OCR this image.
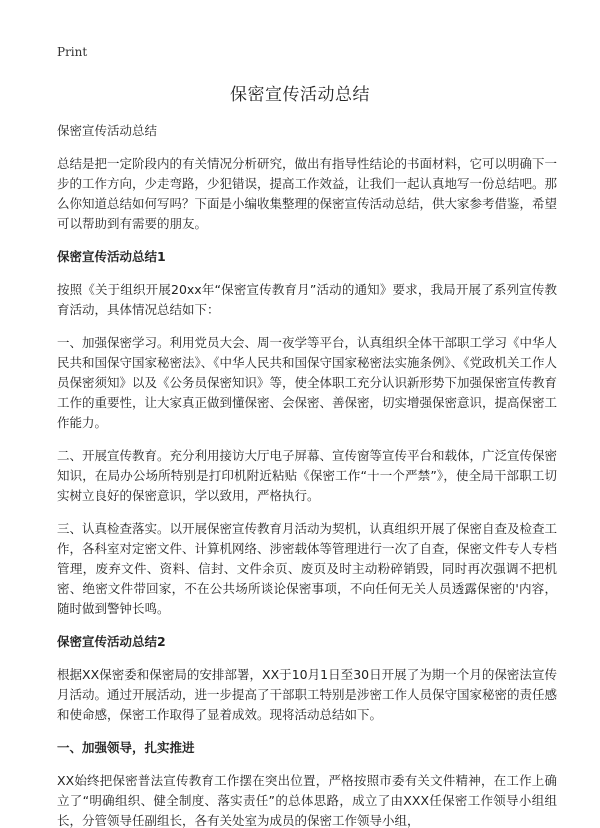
Print
保密宣传活动总结

保密宣传活动总结

总结是把一定阶段内的有关情况分析研究，做出有指导性结论的书面材料，它可以明确下一步的工作方向，少走弯路，少犯错误，提高工作效益，让我们一起认真地写一份总结吧。那么你知道总结如何写吗？下面是小编收集整理的保密宣传活动总结，供大家参考借鉴，希望可以帮助到有需要的朋友。

保密宣传活动总结1

按照《关于组织开展20xx年“保密宣传教育月”活动的通知》要求，我局开展了系列宣传教育活动，具体情况总结如下：

一、加强保密学习。利用党员大会、周一夜学等平台，认真组织全体干部职工学习《中华人民共和国保守国家秘密法》、《中华人民共和国保守国家秘密法实施条例》、《党政机关工作人员保密须知》以及《公务员保密知识》等，使全体职工充分认识新形势下加强保密宣传教育工作的重要性，让大家真正做到懂保密、会保密、善保密，切实增强保密意识，提高保密工作能力。

二、开展宣传教育。充分利用接访大厅电子屏幕、宣传窗等宣传平台和载体，广泛宣传保密知识，在局办公场所特别是打印机附近粘贴《保密工作“十一个严禁”》，使全局干部职工切实树立良好的保密意识，学以致用，严格执行。

三、认真检查落实。以开展保密宣传教育月活动为契机，认真组织开展了保密自查及检查工作，各科室对定密文件、计算机网络、涉密载体等管理进行一次了自查，保密文件专人专档管理，废弃文件、资料、信封、文件余页、废页及时主动粉碎销毁，同时再次强调不把机密、绝密文件带回家，不在公共场所谈论保密事项，不向任何无关人员透露保密的'内容，随时做到警钟长鸣。

保密宣传活动总结2

根据XX保密委和保密局的安排部署，XX于10月1日至30日开展了为期一个月的保密法宣传月活动。通过开展活动，进一步提高了干部职工特别是涉密工作人员保守国家秘密的责任感和使命感，保密工作取得了显着成效。现将活动总结如下。

一、加强领导，扎实推进

XX始终把保密普法宣传教育工作摆在突出位置，严格按照市委有关文件精神，在工作上确立了“明确组织、健全制度、落实责任”的总体思路，成立了由XXX任保密工作领导小组组长，分管领导任副组长，各有关处室为成员的保密工作领导小组，
